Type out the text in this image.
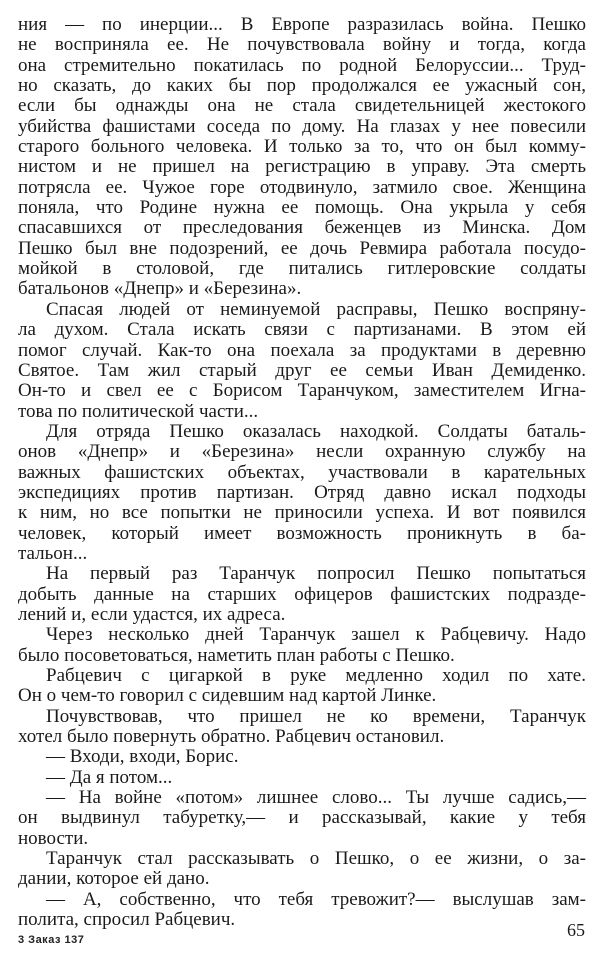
ния — по инерции... В Европе разразилась война. Пешко
не восприняла ее. Не почувствовала войну и тогда, когда
она стремительно покатилась по родной Белоруссии... Труд-
но сказать, до каких бы пор продолжался ее ужасный сон,
если бы однажды она не стала свидетельницей жестокого
убийства фашистами соседа по дому. На глазах у нее повесили
старого больного человека. И только за то, что он был комму-
нистом и не пришел на регистрацию в управу. Эта смерть
потрясла ее. Чужое горе отодвинуло, затмило свое. Женщина
поняла, что Родине нужна ее помощь. Она укрыла у себя
спасавшихся от преследования беженцев из Минска. Дом
Пешко был вне подозрений, ее дочь Ревмира работала посудо-
мойкой в столовой, где питались гитлеровские солдаты
батальонов «Днепр» и «Березина».
Спасая людей от неминуемой расправы, Пешко воспряну-
ла духом. Стала искать связи с партизанами. В этом ей
помог случай. Как-то она поехала за продуктами в деревню
Святое. Там жил старый друг ее семьи Иван Демиденко.
Он-то и свел ее с Борисом Таранчуком, заместителем Игна-
това по политической части...
Для отряда Пешко оказалась находкой. Солдаты баталь-
онов «Днепр» и «Березина» несли охранную службу на
важных фашистских объектах, участвовали в карательных
экспедициях против партизан. Отряд давно искал подходы
к ним, но все попытки не приносили успеха. И вот появился
человек, который имеет возможность проникнуть в ба-
тальон...
На первый раз Таранчук попросил Пешко попытаться
добыть данные на старших офицеров фашистских подразде-
лений и, если удастся, их адреса.
Через несколько дней Таранчук зашел к Рабцевичу. Надо
было посоветоваться, наметить план работы с Пешко.
Рабцевич с цигаркой в руке медленно ходил по хате.
Он о чем-то говорил с сидевшим над картой Линке.
Почувствовав, что пришел не ко времени, Таранчук
хотел было повернуть обратно. Рабцевич остановил.
— Входи, входи, Борис.
— Да я потом...
— На войне «потом» лишнее слово... Ты лучше садись,—
он выдвинул табуретку,— и рассказывай, какие у тебя
новости.
Таранчук стал рассказывать о Пешко, о ее жизни, о за-
дании, которое ей дано.
— А, собственно, что тебя тревожит?— выслушав зам-
полита, спросил Рабцевич.
3 Заказ 137	65
